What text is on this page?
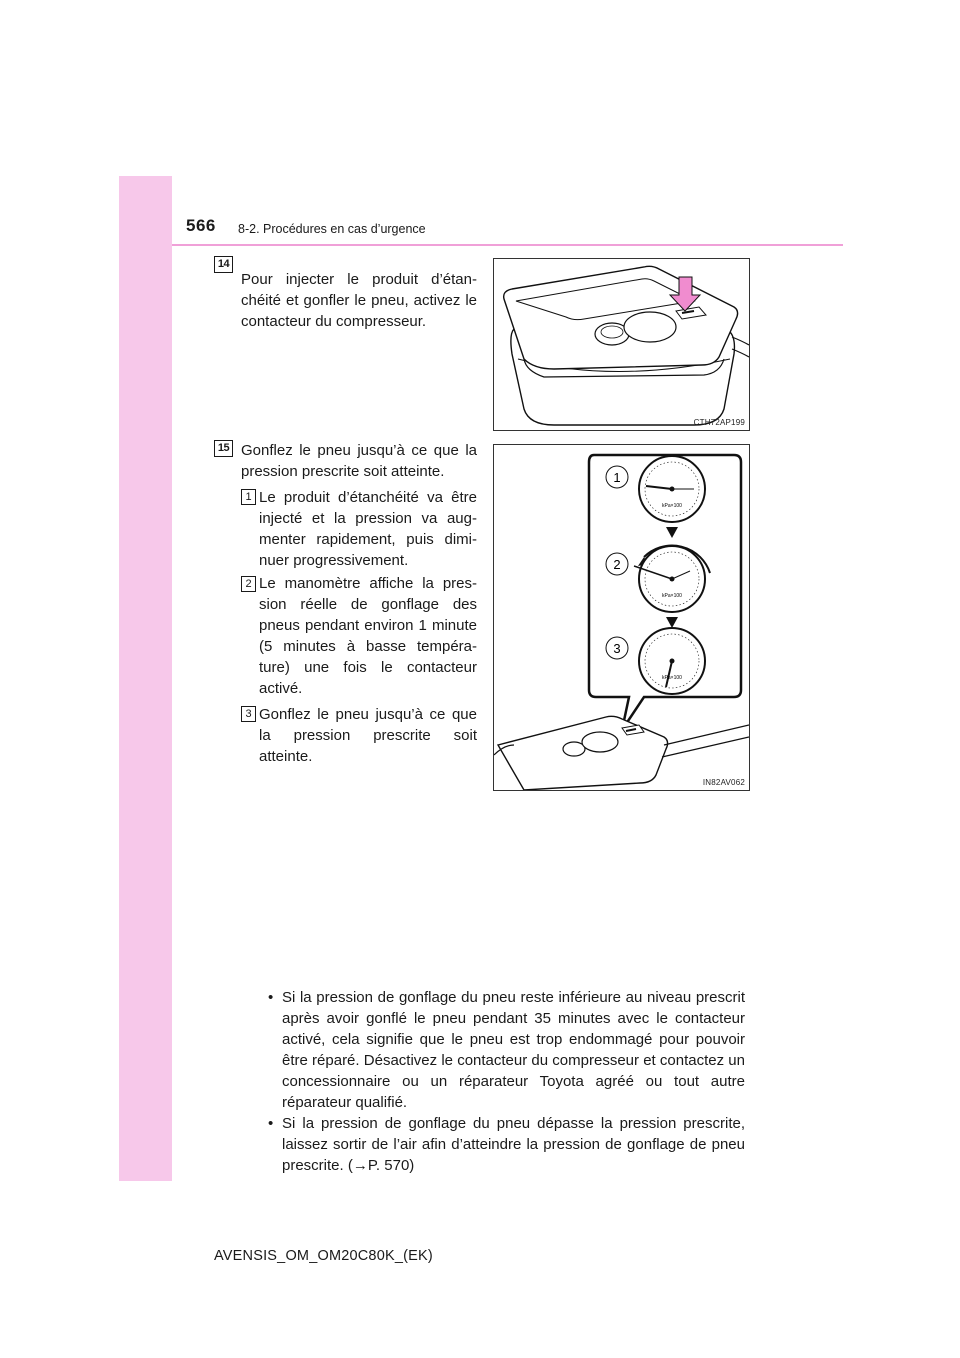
566 8-2. Procédures en cas d’urgence
14

Pour injecter le produit d’étan-chéité et gonfler le pneu, activez le contacteur du compresseur.

CTH72AP199
15 Gonflez le pneu jusqu’à ce que la pression prescrite soit atteinte.

1 Le produit d’étanchéité va être injecté et la pression va aug-menter rapidement, puis dimi-nuer progressivement.

2 Le manomètre affiche la pres-sion réelle de gonflage des pneus pendant environ 1 minute (5 minutes à basse tempéra-ture) une fois le contacteur activé.

3 Gonflez le pneu jusqu’à ce que la pression prescrite soit atteinte.

1
2
3
kPa×100
kPa×100
kPa×100
IN82AV062
• Si la pression de gonflage du pneu reste inférieure au niveau prescrit après avoir gonflé le pneu pendant 35 minutes avec le contacteur activé, cela signifie que le pneu est trop endommagé pour pouvoir être réparé. Désactivez le contacteur du compresseur et contactez un concessionnaire ou un réparateur Toyota agréé ou tout autre réparateur qualifié.
• Si la pression de gonflage du pneu dépasse la pression prescrite, laissez sortir de l’air afin d’atteindre la pression de gonflage de pneu prescrite. (→P. 570)
AVENSIS_OM_OM20C80K_(EK)
